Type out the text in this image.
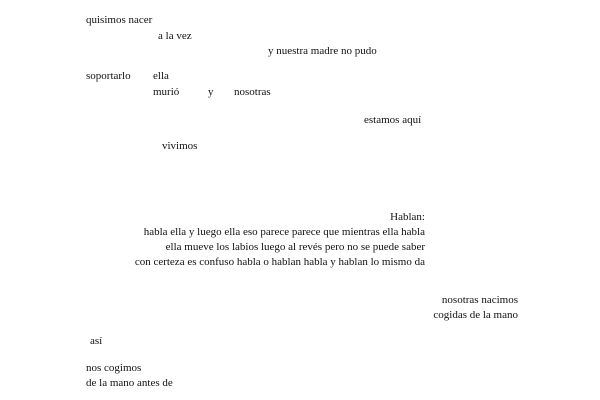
quisimos nacer
a la vez
y nuestra madre no pudo
soportarlo ella
murió	y nosotras
estamos aquí
vivimos
Hablan:
habla ella y luego ella eso parece parece que mientras ella habla
ella mueve los labios luego al revés pero no se puede saber
con certeza es confuso habla o hablan habla y hablan lo mismo da
nosotras nacimos
cogidas de la mano
así
nos cogimos
de la mano antes de
